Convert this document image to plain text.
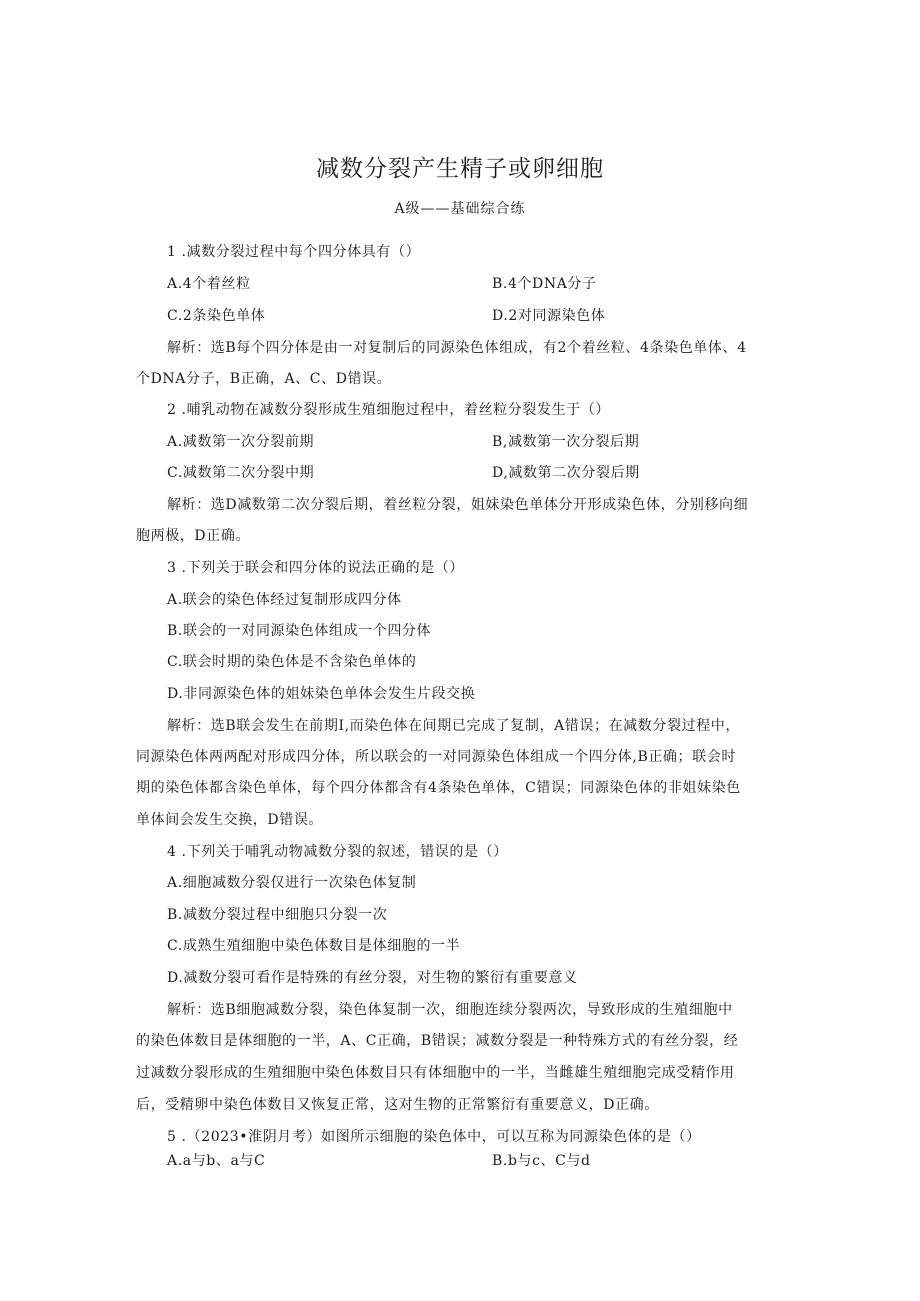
减数分裂产生精子或卵细胞
A级——基础综合练
1 .减数分裂过程中每个四分体具有（）
A.4个着丝粒	B.4个DNA分子
C.2条染色单体	D.2对同源染色体
解析：选B每个四分体是由一对复制后的同源染色体组成，有2个着丝粒、4条染色单体、4
个DNA分子，B正确，A、C、D错误。
2 .哺乳动物在减数分裂形成生殖细胞过程中，着丝粒分裂发生于（）
A.减数第一次分裂前期	B,减数第一次分裂后期
C.减数第二次分裂中期	D,减数第二次分裂后期
解析：选D减数第二次分裂后期，着丝粒分裂，姐妹染色单体分开形成染色体，分别移向细
胞两极，D正确。
3 .下列关于联会和四分体的说法正确的是（）
A.联会的染色体经过复制形成四分体
B.联会的一对同源染色体组成一个四分体
C.联会时期的染色体是不含染色单体的
D.非同源染色体的姐妹染色单体会发生片段交换
解析：选B联会发生在前期I,而染色体在间期已完成了复制，A错误；在减数分裂过程中，
同源染色体两两配对形成四分体，所以联会的一对同源染色体组成一个四分体,B正确；联会时
期的染色体都含染色单体，每个四分体都含有4条染色单体，C错误；同源染色体的非姐妹染色
单体间会发生交换，D错误。
4 .下列关于哺乳动物减数分裂的叙述，错误的是（）
A.细胞减数分裂仅进行一次染色体复制
B.减数分裂过程中细胞只分裂一次
C.成熟生殖细胞中染色体数目是体细胞的一半
D.减数分裂可看作是特殊的有丝分裂，对生物的繁衍有重要意义
解析：选B细胞减数分裂，染色体复制一次，细胞连续分裂两次，导致形成的生殖细胞中
的染色体数目是体细胞的一半，A、C正确，B错误；减数分裂是一种特殊方式的有丝分裂，经
过减数分裂形成的生殖细胞中染色体数目只有体细胞中的一半，当雌雄生殖细胞完成受精作用
后，受精卵中染色体数目又恢复正常，这对生物的正常繁衍有重要意义，D正确。
5 .（2023•淮阴月考）如图所示细胞的染色体中，可以互称为同源染色体的是（）
A.a与b、a与C	B.b与c、C与d
